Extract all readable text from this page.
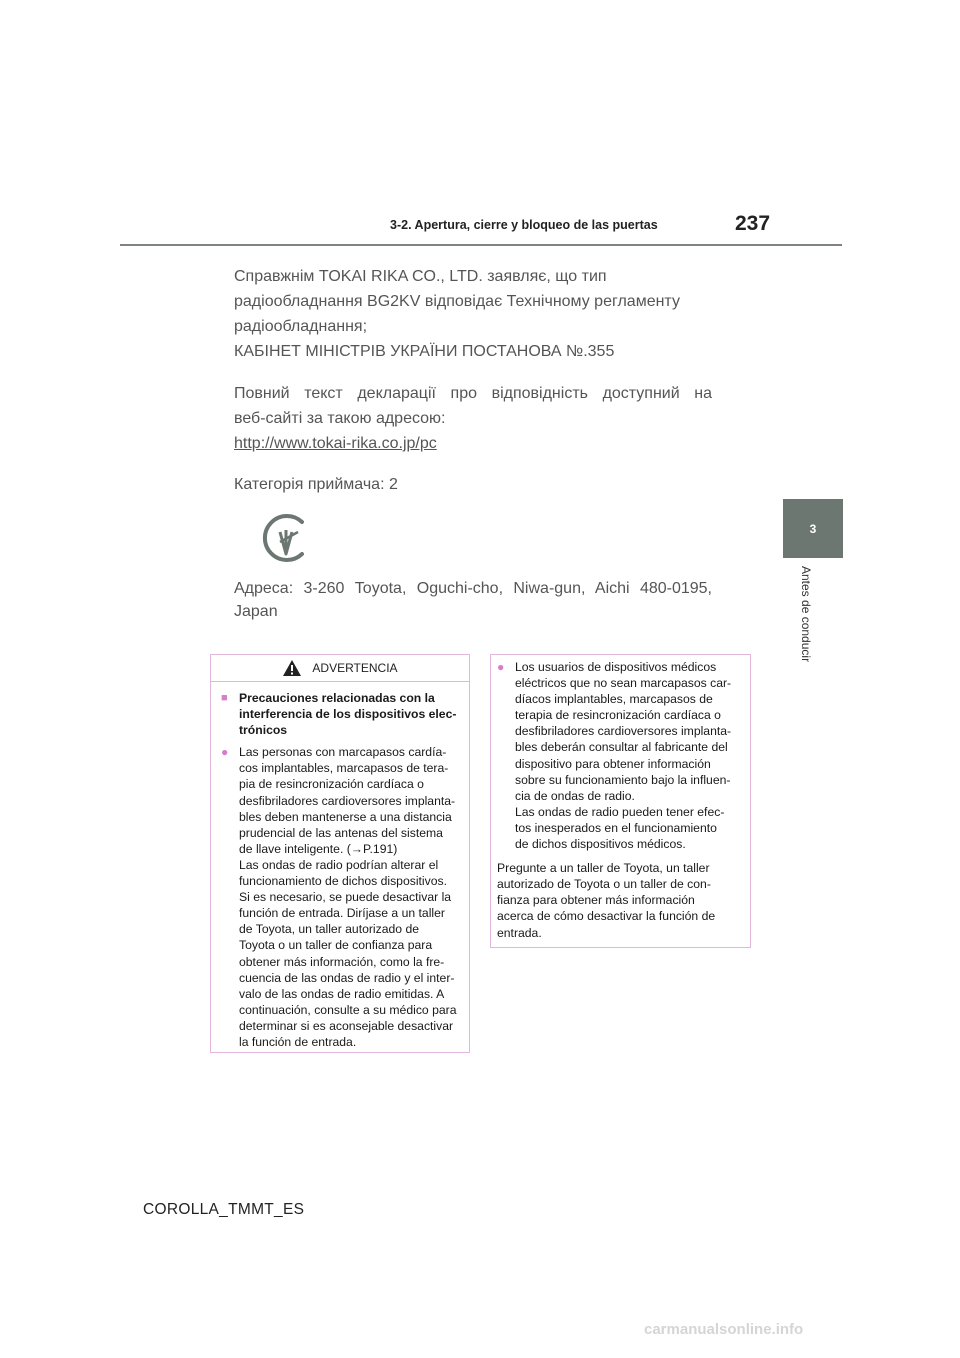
3-2. Apertura, cierre y bloqueo de las puertas	237
3
Antes de conducir

Справжнім TOKAI RIKA CO., LTD. заявляє, що тип

радіообладнання BG2KV відповідає Технічному регламенту

радіообладнання;

КАБІНЕТ МІНІСТРІВ УКРАЇНИ ПОСТАНОВА №.355

Повний текст декларації про відповідність доступний на

веб-сайті за такою адресою:

http://www.tokai-rika.co.jp/pc

Категорія приймача: 2

Адреса: 3-260 Toyota, Oguchi-cho, Niwa-gun, Aichi 480-0195,

Japan

ADVERTENCIA
■ Precauciones relacionadas con la
interferencia de los dispositivos elec-
trónicos
● Las personas con marcapasos cardía-
cos implantables, marcapasos de tera-
pia de resincronización cardíaca o
desfibriladores cardioversores implanta-
bles deben mantenerse a una distancia
prudencial de las antenas del sistema
de llave inteligente. (→P.191)
Las ondas de radio podrían alterar el
funcionamiento de dichos dispositivos.
Si es necesario, se puede desactivar la
función de entrada. Diríjase a un taller
de Toyota, un taller autorizado de
Toyota o un taller de confianza para
obtener más información, como la fre-
cuencia de las ondas de radio y el inter-
valo de las ondas de radio emitidas. A
continuación, consulte a su médico para
determinar si es aconsejable desactivar
la función de entrada.
● Los usuarios de dispositivos médicos
eléctricos que no sean marcapasos car-
díacos implantables, marcapasos de
terapia de resincronización cardíaca o
desfibriladores cardioversores implanta-
bles deberán consultar al fabricante del
dispositivo para obtener información
sobre su funcionamiento bajo la influen-
cia de ondas de radio.
Las ondas de radio pueden tener efec-
tos inesperados en el funcionamiento
de dichos dispositivos médicos.
Pregunte a un taller de Toyota, un taller
autorizado de Toyota o un taller de con-
fianza para obtener más información
acerca de cómo desactivar la función de
entrada.
COROLLA_TMMT_ES
carmanualsonline.info
